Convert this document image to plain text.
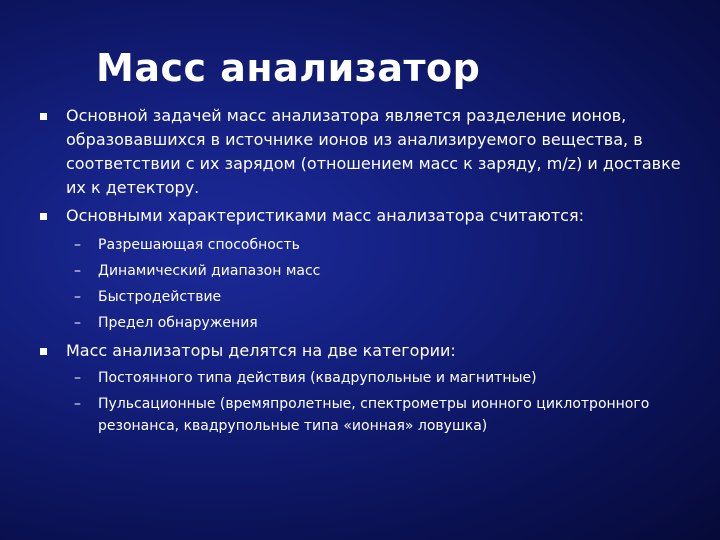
Масс анализатор
Основной задачей масс анализатора является разделение ионов, образовавшихся в источнике ионов из анализируемого вещества, в соответствии с их зарядом (отношением масс к заряду, m/z) и доставке их к детектору.
Основными характеристиками масс анализатора считаются:
–	Разрешающая способность
–	Динамический диапазон масс
–	Быстродействие
–	Предел обнаружения
Масс анализаторы делятся на две категории:
–	Постоянного типа действия (квадрупольные и магнитные)
–	Пульсационные (времяпролетные, спектрометры ионного циклотронного резонанса, квадрупольные типа «ионная» ловушка)
